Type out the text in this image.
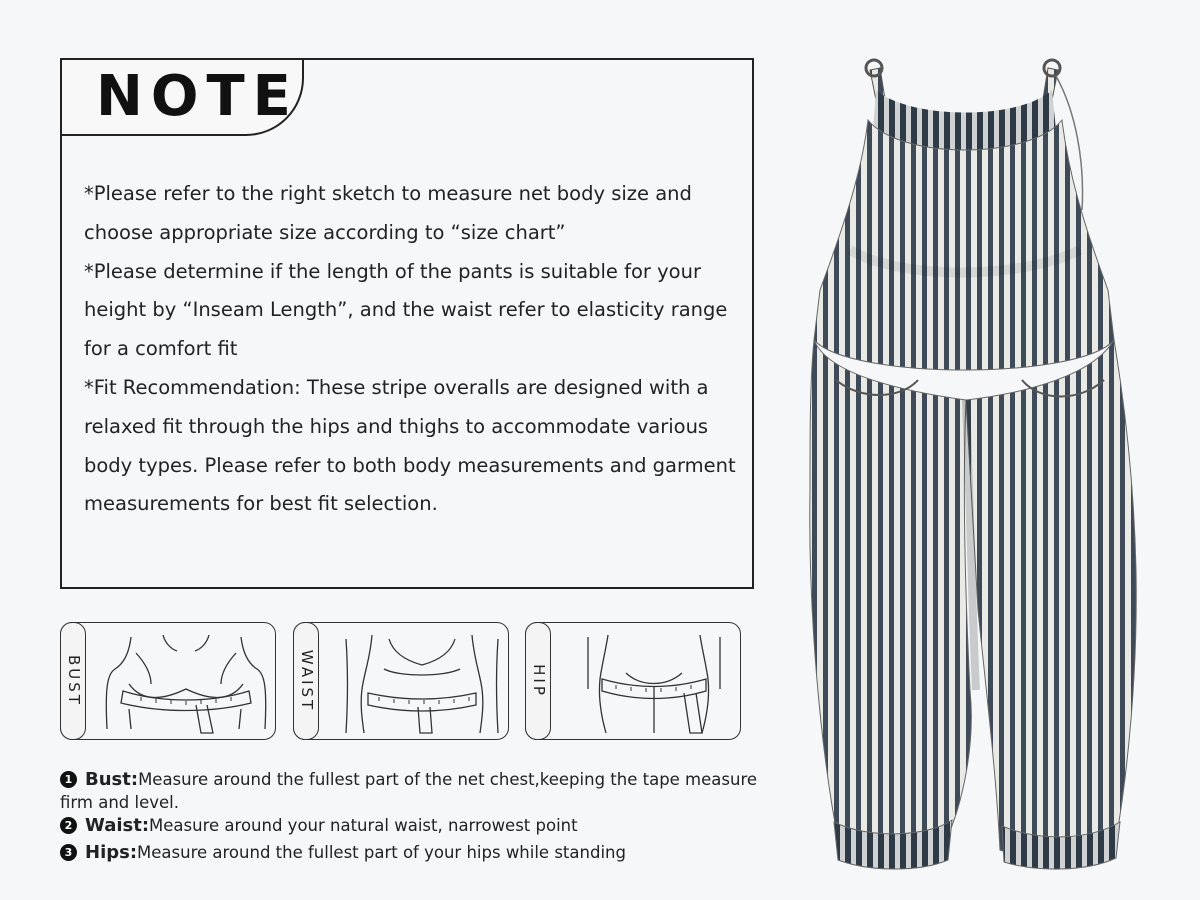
NOTE

*Please refer to the right sketch to measure net body size and choose appropriate size according to “size chart”

*Please determine if the length of the pants is suitable for your height by “Inseam Length”, and the waist refer to elasticity range for a comfort fit

*Fit Recommendation: These stripe overalls are designed with a relaxed fit through the hips and thighs to accommodate various body types. Please refer to both body measurements and garment measurements for best fit selection.

BUST	WAIST	HIP
1 Bust:Measure around the fullest part of the net chest,keeping the tape measure
firm and level.
2 Waist:Measure around your natural waist, narrowest point
3 Hips:Measure around the fullest part of your hips while standing
